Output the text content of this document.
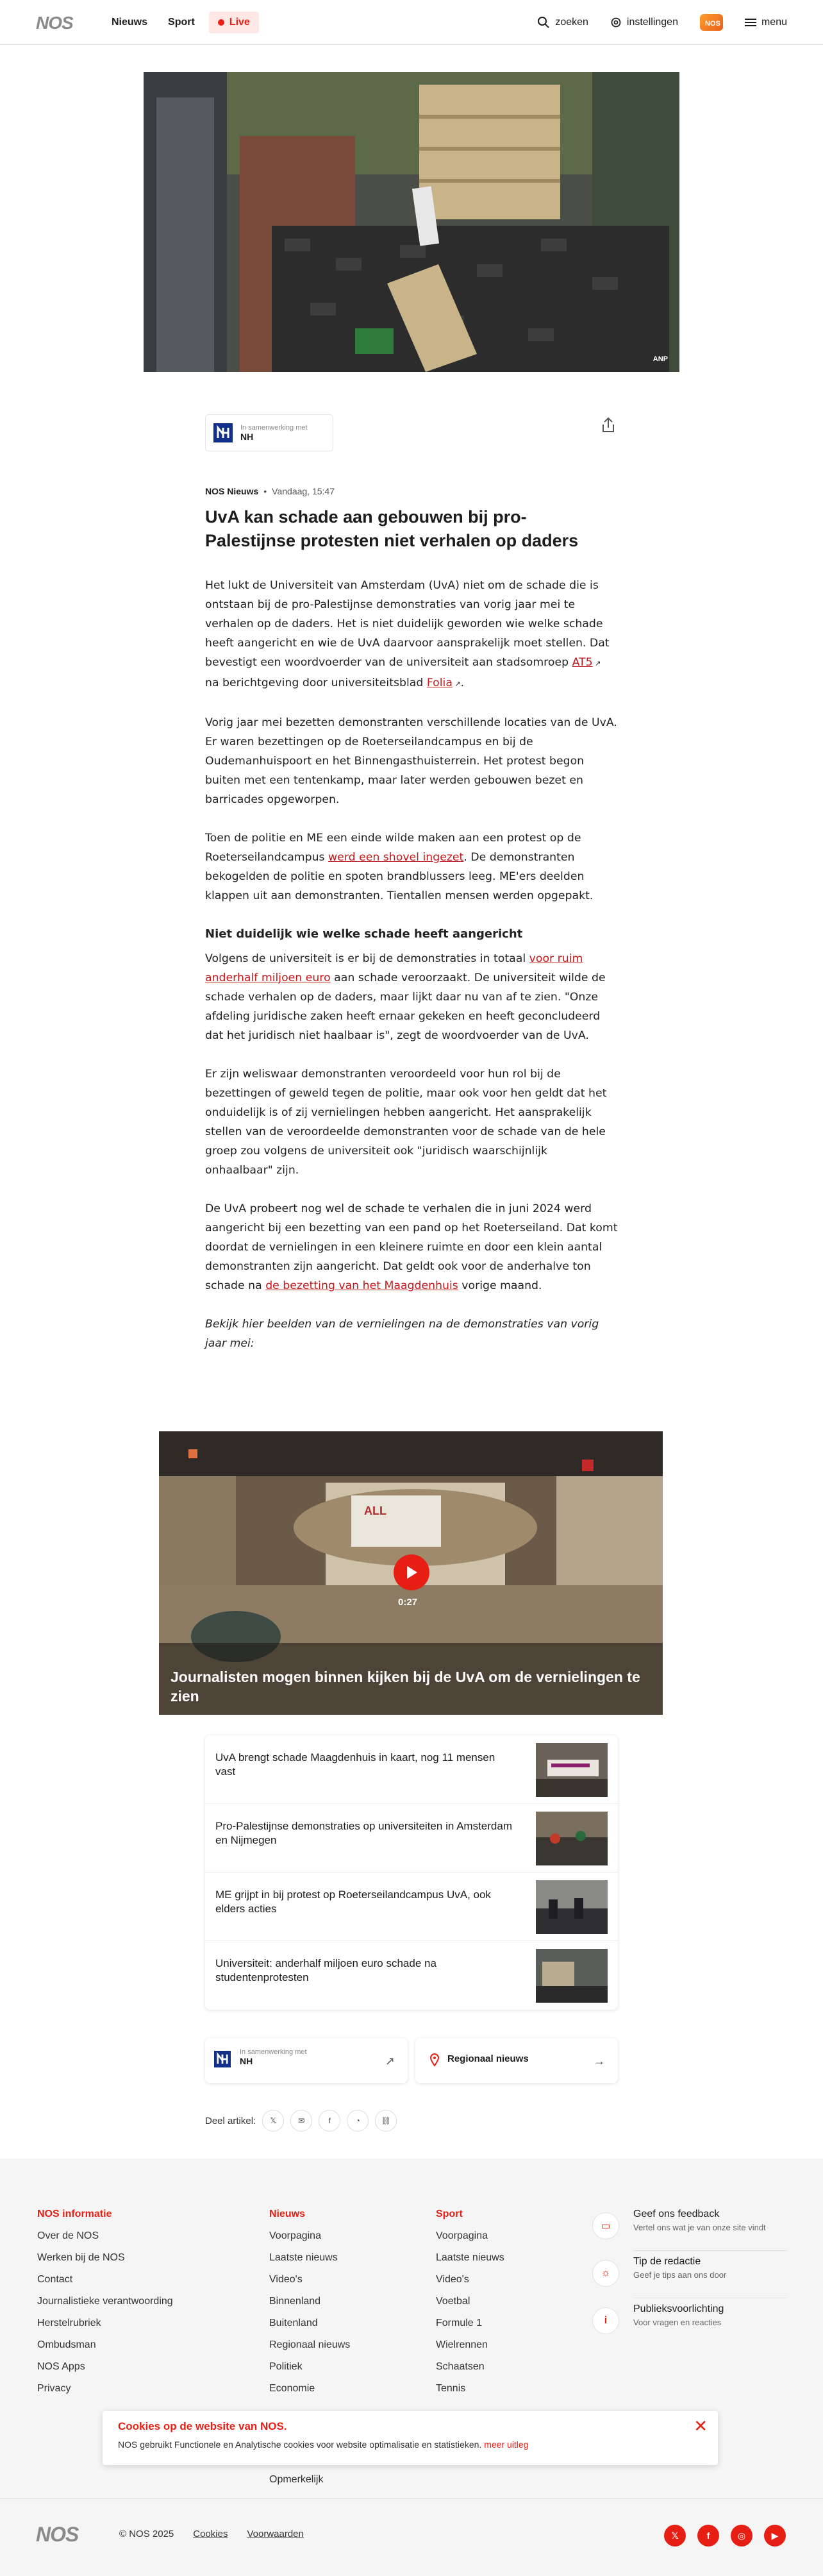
NOS	Nieuws	Sport	Live	zoeken	instellingen	NOS	menu
ANP
In samenwerking met
NH
NOS Nieuws • Vandaag, 15:47
UvA kan schade aan gebouwen bij pro-Palestijnse protesten niet verhalen op daders

Het lukt de Universiteit van Amsterdam (UvA) niet om de schade die is ontstaan bij de pro-Palestijnse demonstraties van vorig jaar mei te verhalen op de daders. Het is niet duidelijk geworden wie welke schade heeft aangericht en wie de UvA daarvoor aansprakelijk moet stellen. Dat bevestigt een woordvoerder van de universiteit aan stadsomroep AT5 ↗ na berichtgeving door universiteitsblad Folia ↗.

Vorig jaar mei bezetten demonstranten verschillende locaties van de UvA. Er waren bezettingen op de Roeterseilandcampus en bij de Oudemanhuispoort en het Binnengasthuisterrein. Het protest begon buiten met een tentenkamp, maar later werden gebouwen bezet en barricades opgeworpen.

Toen de politie en ME een einde wilde maken aan een protest op de Roeterseilandcampus werd een shovel ingezet. De demonstranten bekogelden de politie en spoten brandblussers leeg. ME'ers deelden klappen uit aan demonstranten. Tientallen mensen werden opgepakt.

Niet duidelijk wie welke schade heeft aangericht

Volgens de universiteit is er bij de demonstraties in totaal voor ruim anderhalf miljoen euro aan schade veroorzaakt. De universiteit wilde de schade verhalen op de daders, maar lijkt daar nu van af te zien. "Onze afdeling juridische zaken heeft ernaar gekeken en heeft geconcludeerd dat het juridisch niet haalbaar is", zegt de woordvoerder van de UvA.

Er zijn weliswaar demonstranten veroordeeld voor hun rol bij de bezettingen of geweld tegen de politie, maar ook voor hen geldt dat het onduidelijk is of zij vernielingen hebben aangericht. Het aansprakelijk stellen van de veroordeelde demonstranten voor de schade van de hele groep zou volgens de universiteit ook "juridisch waarschijnlijk onhaalbaar" zijn.

De UvA probeert nog wel de schade te verhalen die in juni 2024 werd aangericht bij een bezetting van een pand op het Roeterseiland. Dat komt doordat de vernielingen in een kleinere ruimte en door een klein aantal demonstranten zijn aangericht. Dat geldt ook voor de anderhalve ton schade na de bezetting van het Maagdenhuis vorige maand.

Bekijk hier beelden van de vernielingen na de demonstraties van vorig jaar mei:

ALL
Journalisten mogen binnen kijken bij de UvA om de vernielingen te zien
0:27
UvA brengt schade Maagdenhuis in kaart, nog 11 mensen vast
Pro-Palestijnse demonstraties op universiteiten in Amsterdam en Nijmegen
ME grijpt in bij protest op Roeterseilandcampus UvA, ook elders acties
Universiteit: anderhalf miljoen euro schade na studentenprotesten
In samenwerking met
NH	↗	Regionaal nieuws	→
Deel artikel:	𝕏	✉	f	◔	⛓
NOS informatie
Over de NOS
Werken bij de NOS
Contact
Journalistieke verantwoording
Herstelrubriek
Ombudsman
NOS Apps
Privacy
Nieuws
Voorpagina
Laatste nieuws
Video's
Binnenland
Buitenland
Regionaal nieuws
Politiek
Economie
Sport
Voorpagina
Laatste nieuws
Video's
Voetbal
Formule 1
Wielrennen
Schaatsen
Tennis
▭
Geef ons feedback
Vertel ons wat je van onze site vindt
☼
Tip de redactie
Geef je tips aan ons door
i
Publieksvoorlichting
Voor vragen en reacties
Cookies op de website van NOS.
NOS gebruikt Functionele en Analytische cookies voor website optimalisatie en statistieken. meer uitleg
✕
Opmerkelijk
NOS	© NOS 2025 Cookies Voorwaarden	𝕏	f	◎	▶
